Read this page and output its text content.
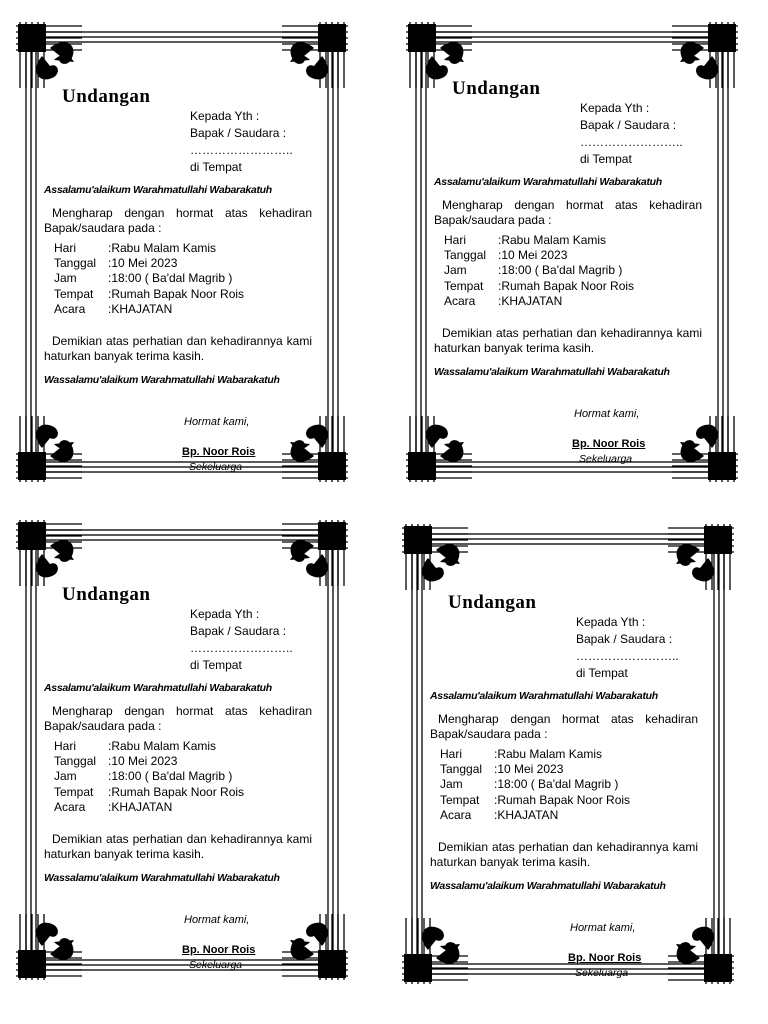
Undangan
Kepada Yth :
Bapak / Saudara :
……………………..
di Tempat
Assalamu'alaikum Warahmatullahi Wabarakatuh
Mengharap dengan hormat atas kehadiran Bapak/saudara pada :
Hari	:Rabu Malam Kamis
Tanggal :10 Mei 2023
Jam	:18:00 ( Ba'dal Magrib )
Tempat	:Rumah Bapak Noor Rois
Acara	:KHAJATAN
Demikian atas perhatian dan kehadirannya kami haturkan banyak terima kasih.
Wassalamu'alaikum Warahmatullahi Wabarakatuh
Hormat kami,
Bp. Noor Rois
Sekeluarga
Undangan
Kepada Yth :
Bapak / Saudara :
……………………..
di Tempat
Assalamu'alaikum Warahmatullahi Wabarakatuh
Mengharap dengan hormat atas kehadiran Bapak/saudara pada :
Hari	:Rabu Malam Kamis
Tanggal :10 Mei 2023
Jam	:18:00 ( Ba'dal Magrib )
Tempat	:Rumah Bapak Noor Rois
Acara	:KHAJATAN
Demikian atas perhatian dan kehadirannya kami haturkan banyak terima kasih.
Wassalamu'alaikum Warahmatullahi Wabarakatuh
Hormat kami,
Bp. Noor Rois
Sekeluarga
Undangan
Kepada Yth :
Bapak / Saudara :
……………………..
di Tempat
Assalamu'alaikum Warahmatullahi Wabarakatuh
Mengharap dengan hormat atas kehadiran Bapak/saudara pada :
Hari	:Rabu Malam Kamis
Tanggal :10 Mei 2023
Jam	:18:00 ( Ba'dal Magrib )
Tempat	:Rumah Bapak Noor Rois
Acara	:KHAJATAN
Demikian atas perhatian dan kehadirannya kami haturkan banyak terima kasih.
Wassalamu'alaikum Warahmatullahi Wabarakatuh
Hormat kami,
Bp. Noor Rois
Sekeluarga
Undangan
Kepada Yth :
Bapak / Saudara :
……………………..
di Tempat
Assalamu'alaikum Warahmatullahi Wabarakatuh
Mengharap dengan hormat atas kehadiran Bapak/saudara pada :
Hari	:Rabu Malam Kamis
Tanggal :10 Mei 2023
Jam	:18:00 ( Ba'dal Magrib )
Tempat	:Rumah Bapak Noor Rois
Acara	:KHAJATAN
Demikian atas perhatian dan kehadirannya kami haturkan banyak terima kasih.
Wassalamu'alaikum Warahmatullahi Wabarakatuh
Hormat kami,
Bp. Noor Rois
Sekeluarga
